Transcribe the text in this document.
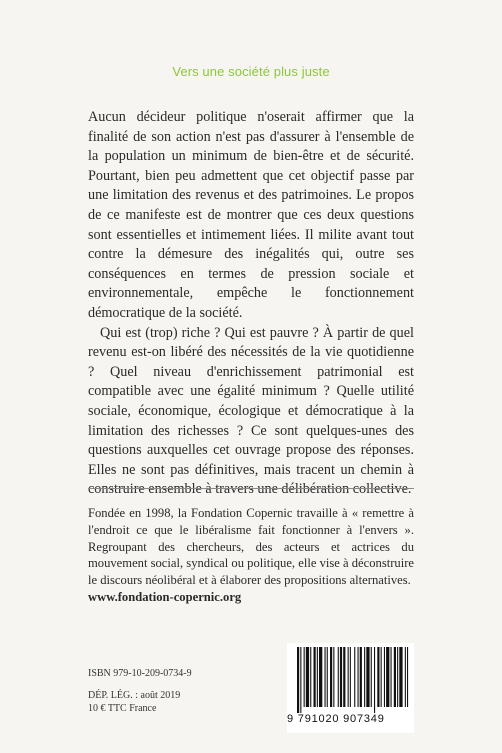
Vers une société plus juste

Aucun décideur politique n'oserait affirmer que la finalité de son action n'est pas d'assurer à l'ensemble de la population un minimum de bien-être et de sécurité. Pourtant, bien peu admettent que cet objectif passe par une limitation des revenus et des patrimoines. Le propos de ce manifeste est de montrer que ces deux questions sont essentielles et intimement liées. Il milite avant tout contre la démesure des inégalités qui, outre ses conséquences en termes de pression sociale et environnementale, empêche le fonctionnement démocratique de la société.

Qui est (trop) riche ? Qui est pauvre ? À partir de quel revenu est-on libéré des nécessités de la vie quotidienne ? Quel niveau d'enrichissement patrimonial est compatible avec une égalité minimum ? Quelle utilité sociale, économique, écologique et démocratique à la limitation des richesses ? Ce sont quelques-unes des questions auxquelles cet ouvrage propose des réponses. Elles ne sont pas définitives, mais tracent un chemin à construire ensemble à travers une délibération collective.

Fondée en 1998, la Fondation Copernic travaille à « remettre à l'endroit ce que le libéralisme fait fonctionner à l'envers ». Regroupant des chercheurs, des acteurs et actrices du mouvement social, syndical ou politique, elle vise à déconstruire le discours néolibéral et à élaborer des propositions alternatives.

www.fondation-copernic.org

ISBN 979-10-209-0734-9
DÉP. LÉG. : août 2019
10 € TTC France
9 791020 907349
